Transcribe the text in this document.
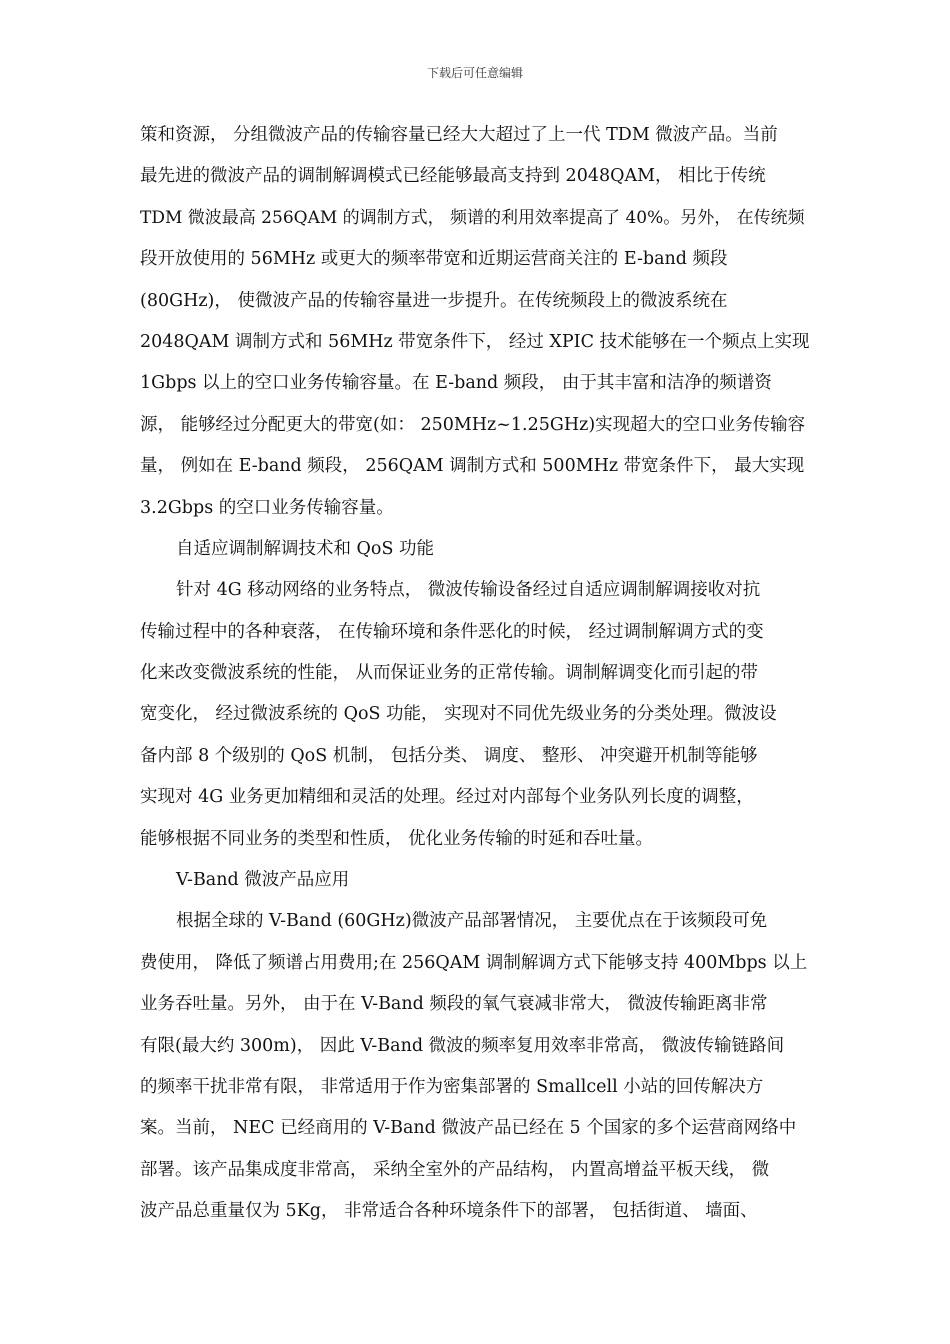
下载后可任意编辑
策和资源， 分组微波产品的传输容量已经大大超过了上一代 TDM 微波产品。当前
最先进的微波产品的调制解调模式已经能够最高支持到 2048QAM， 相比于传统
TDM 微波最高 256QAM 的调制方式， 频谱的利用效率提高了 40%。另外， 在传统频
段开放使用的 56MHz 或更大的频率带宽和近期运营商关注的 E-band 频段
(80GHz)， 使微波产品的传输容量进一步提升。在传统频段上的微波系统在
2048QAM 调制方式和 56MHz 带宽条件下， 经过 XPIC 技术能够在一个频点上实现
1Gbps 以上的空口业务传输容量。在 E-band 频段， 由于其丰富和洁净的频谱资
源， 能够经过分配更大的带宽(如： 250MHz~1.25GHz)实现超大的空口业务传输容
量， 例如在 E-band 频段， 256QAM 调制方式和 500MHz 带宽条件下， 最大实现
3.2Gbps 的空口业务传输容量。
自适应调制解调技术和 QoS 功能
针对 4G 移动网络的业务特点， 微波传输设备经过自适应调制解调接收对抗
传输过程中的各种衰落， 在传输环境和条件恶化的时候， 经过调制解调方式的变
化来改变微波系统的性能， 从而保证业务的正常传输。调制解调变化而引起的带
宽变化， 经过微波系统的 QoS 功能， 实现对不同优先级业务的分类处理。微波设
备内部 8 个级别的 QoS 机制， 包括分类、 调度、 整形、 冲突避开机制等能够
实现对 4G 业务更加精细和灵活的处理。经过对内部每个业务队列长度的调整，
能够根据不同业务的类型和性质， 优化业务传输的时延和吞吐量。
V-Band 微波产品应用
根据全球的 V-Band (60GHz)微波产品部署情况， 主要优点在于该频段可免
费使用， 降低了频谱占用费用;在 256QAM 调制解调方式下能够支持 400Mbps 以上
业务吞吐量。另外， 由于在 V-Band 频段的氧气衰减非常大， 微波传输距离非常
有限(最大约 300m)， 因此 V-Band 微波的频率复用效率非常高， 微波传输链路间
的频率干扰非常有限， 非常适用于作为密集部署的 Smallcell 小站的回传解决方
案。当前， NEC 已经商用的 V-Band 微波产品已经在 5 个国家的多个运营商网络中
部署。该产品集成度非常高， 采纳全室外的产品结构， 内置高增益平板天线， 微
波产品总重量仅为 5Kg， 非常适合各种环境条件下的部署， 包括街道、 墙面、
